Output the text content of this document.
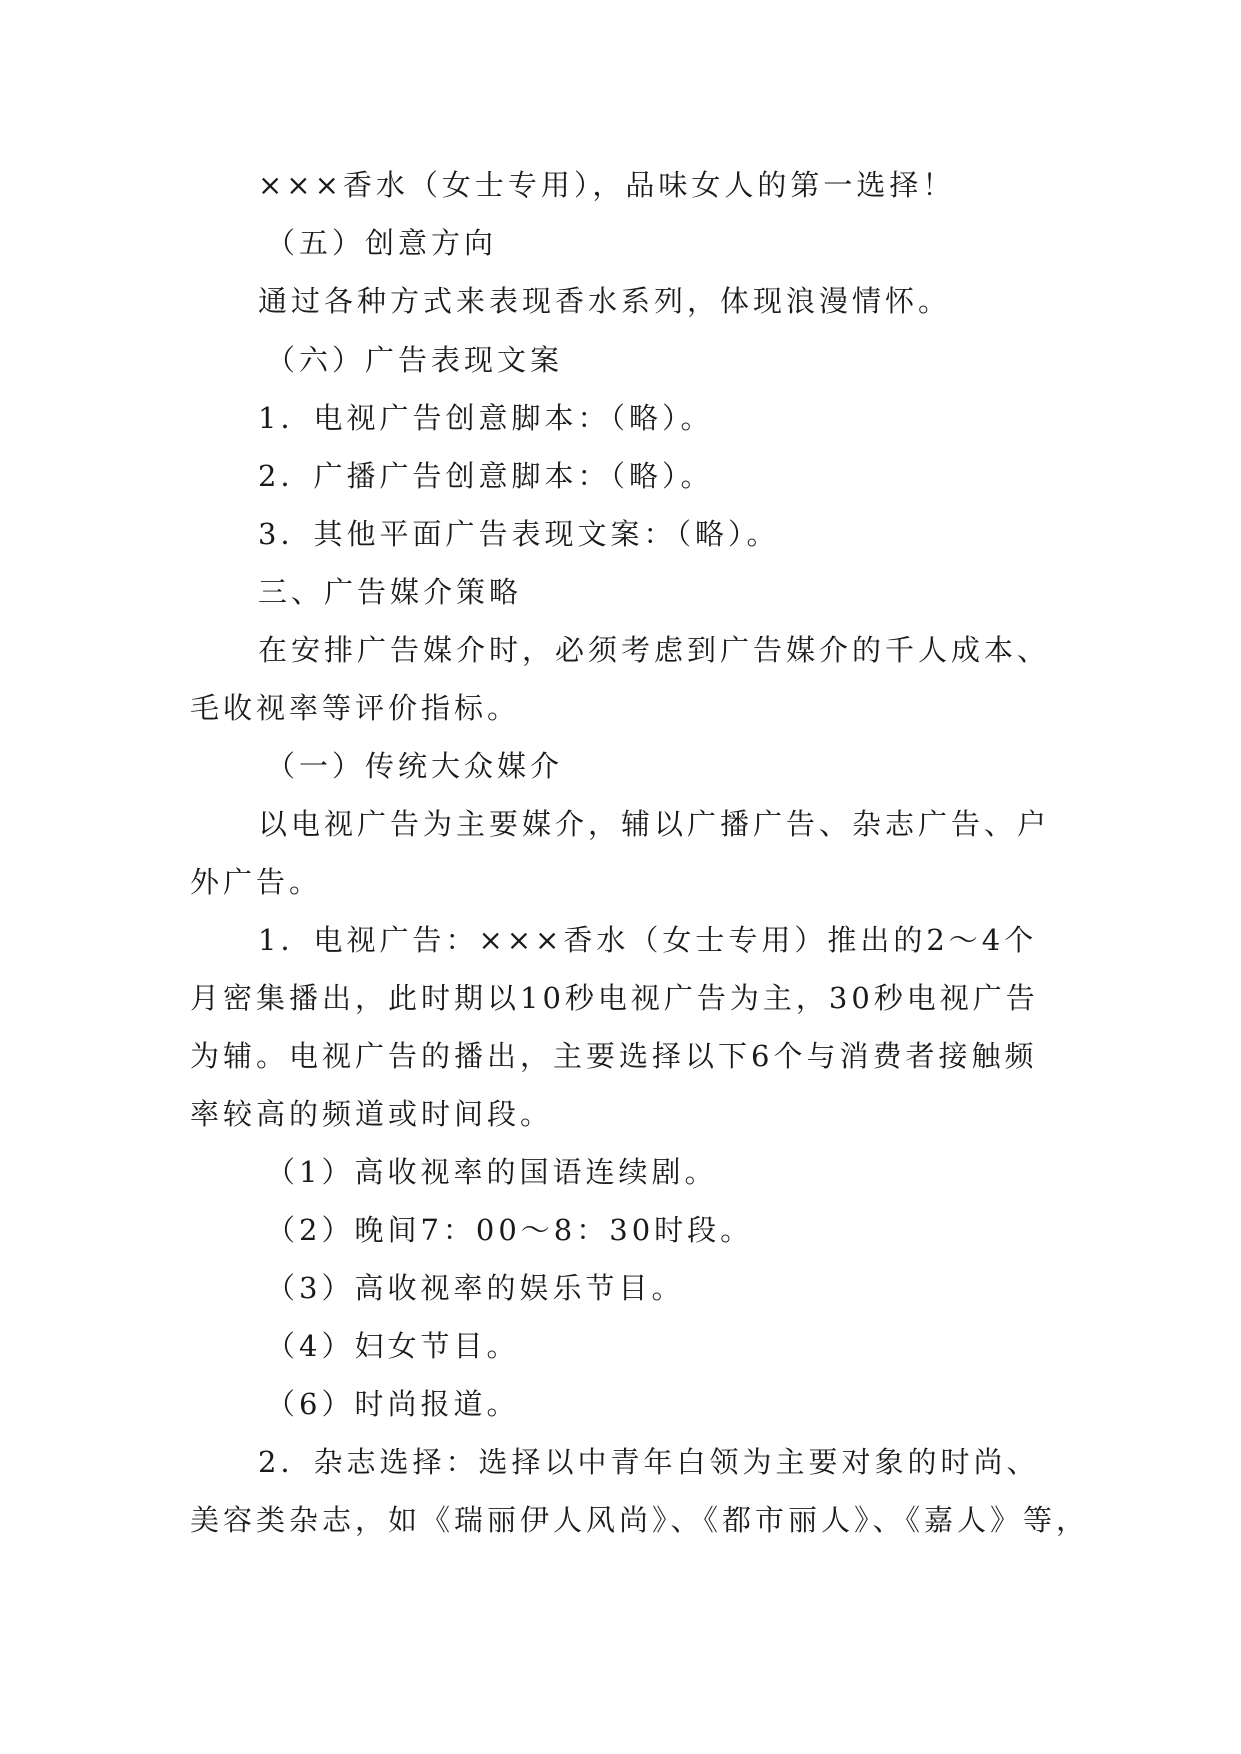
×××香水（女士专用），品味女人的第一选择！
（五）创意方向
通过各种方式来表现香水系列，体现浪漫情怀。
（六）广告表现文案
1．电视广告创意脚本：（略）。
2．广播广告创意脚本：（略）。
3．其他平面广告表现文案：（略）。
三、广告媒介策略
在安排广告媒介时，必须考虑到广告媒介的千人成本、
毛收视率等评价指标。
（一）传统大众媒介
以电视广告为主要媒介，辅以广播广告、杂志广告、户
外广告。
1．电视广告：×××香水（女士专用）推出的2～4个
月密集播出，此时期以10秒电视广告为主，30秒电视广告
为辅。电视广告的播出，主要选择以下6个与消费者接触频
率较高的频道或时间段。
（1）高收视率的国语连续剧。
（2）晚间7：00～8：30时段。
（3）高收视率的娱乐节目。
（4）妇女节目。
（6）时尚报道。
2．杂志选择：选择以中青年白领为主要对象的时尚、
美容类杂志，如《瑞丽伊人风尚》、《都市丽人》、《嘉人》等，
